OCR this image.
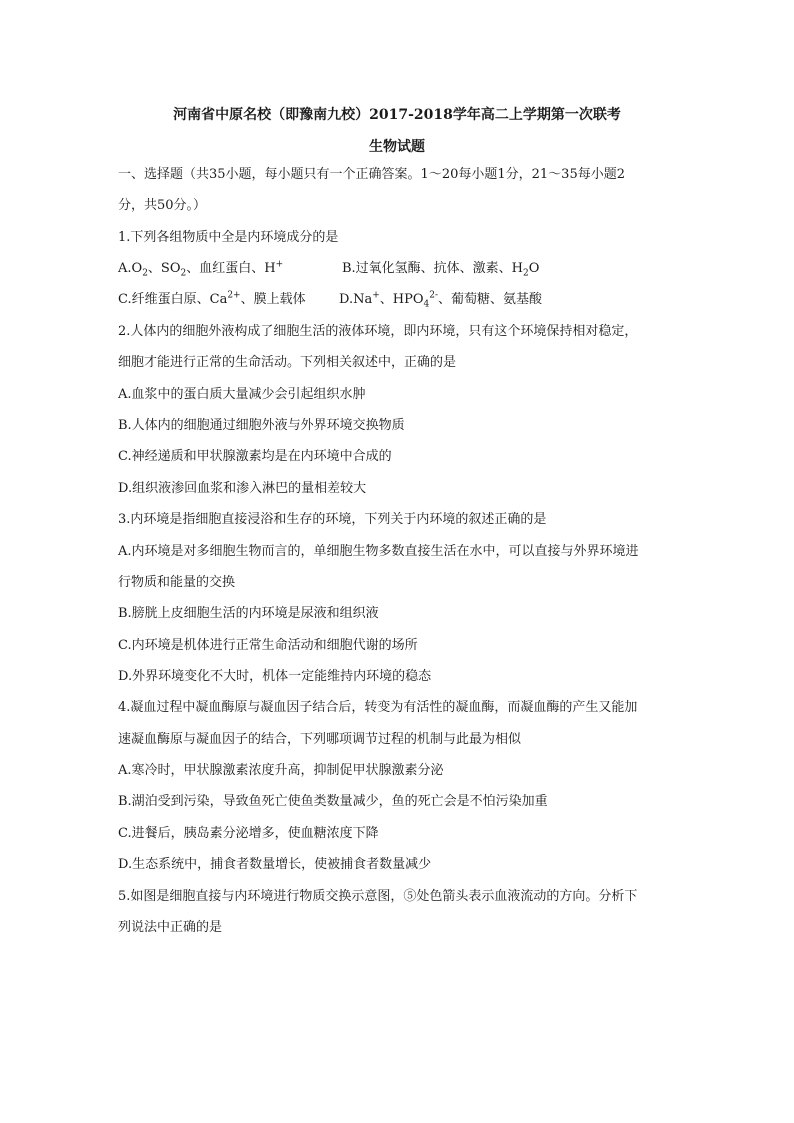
河南省中原名校（即豫南九校）2017-2018学年高二上学期第一次联考
生物试题
一、选择题（共35小题，每小题只有一个正确答案。1～20每小题1分，21～35每小题2
分，共50分。）
1.下列各组物质中全是内环境成分的是
$A.O_2$、$SO_2$、血红蛋白、H+	B.过氧化氢酶、抗体、激素、$H_2O$
C.纤维蛋白原、$Ca^{2+}$、膜上载体	D.Na+、$HPO_4^{2-}$、葡萄糖、氨基酸
2.人体内的细胞外液构成了细胞生活的液体环境，即内环境，只有这个环境保持相对稳定，
细胞才能进行正常的生命活动。下列相关叙述中，正确的是
A.血浆中的蛋白质大量减少会引起组织水肿
B.人体内的细胞通过细胞外液与外界环境交换物质
C.神经递质和甲状腺激素均是在内环境中合成的
D.组织液渗回血浆和渗入淋巴的量相差较大
3.内环境是指细胞直接浸浴和生存的环境，下列关于内环境的叙述正确的是
A.内环境是对多细胞生物而言的，单细胞生物多数直接生活在水中，可以直接与外界环境进
行物质和能量的交换
B.膀胱上皮细胞生活的内环境是尿液和组织液
C.内环境是机体进行正常生命活动和细胞代谢的场所
D.外界环境变化不大时，机体一定能维持内环境的稳态
4.凝血过程中凝血酶原与凝血因子结合后，转变为有活性的凝血酶，而凝血酶的产生又能加
速凝血酶原与凝血因子的结合，下列哪项调节过程的机制与此最为相似
A.寒冷时，甲状腺激素浓度升高，抑制促甲状腺激素分泌
B.湖泊受到污染，导致鱼死亡使鱼类数量减少，鱼的死亡会是不怕污染加重
C.进餐后，胰岛素分泌增多，使血糖浓度下降
D.生态系统中，捕食者数量增长，使被捕食者数量减少
5.如图是细胞直接与内环境进行物质交换示意图，⑤处色箭头表示血液流动的方向。分析下
列说法中正确的是
